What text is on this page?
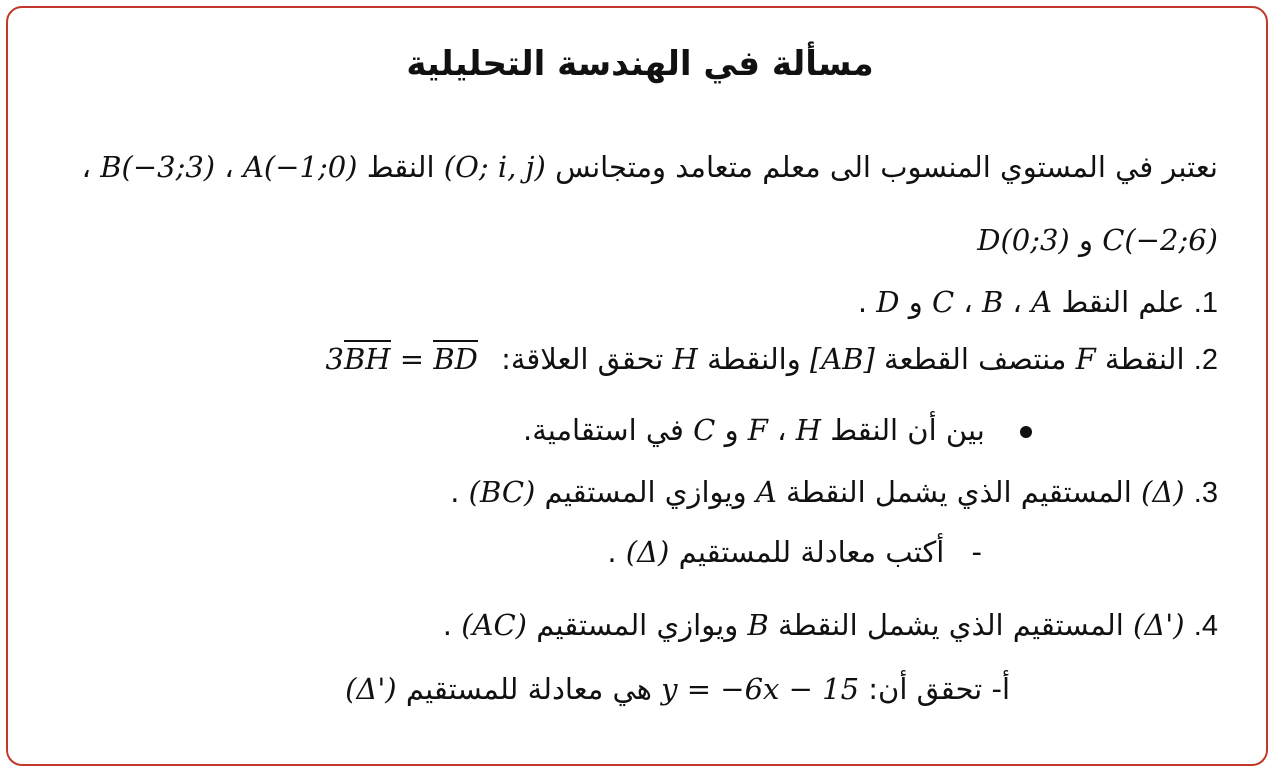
مسألة في الهندسة التحليلية
نعتبر في المستوي المنسوب الى معلم متعامد ومتجانس (O; i, j) النقط A(−1;0) ، B(−3;3) ،
C(−2;6) و D(0;3)
1. علم النقط A ، B ، C و D .
2. النقطة F منتصف القطعة [AB] والنقطة H تحقق العلاقة: 3BH = BD
بين أن النقط H ، F و C في استقامية.
3. (Δ) المستقيم الذي يشمل النقطة A ويوازي المستقيم (BC) .
- أكتب معادلة للمستقيم (Δ) .
4. (Δ') المستقيم الذي يشمل النقطة B ويوازي المستقيم (AC) .
أ- تحقق أن: y = −6x − 15 هي معادلة للمستقيم (Δ')
